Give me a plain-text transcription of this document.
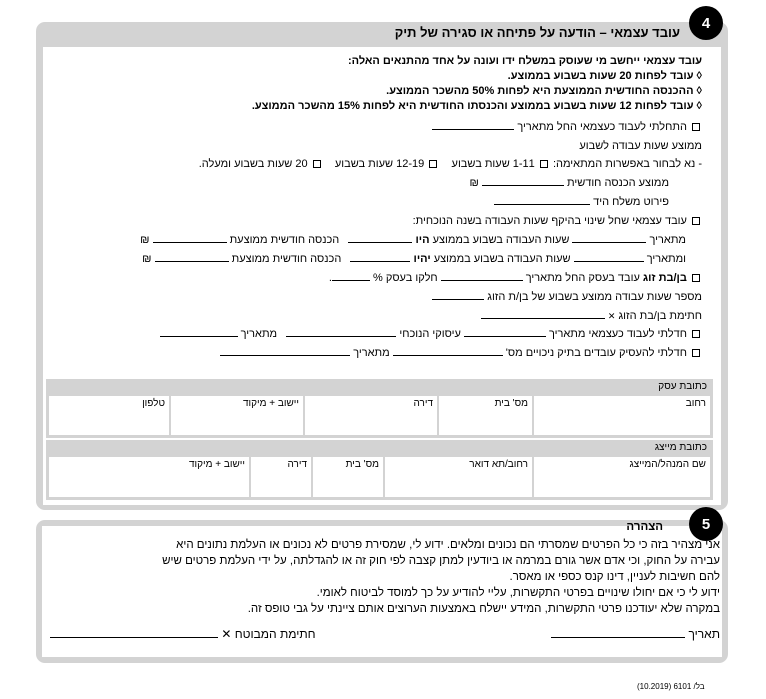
עובד עצמאי – הודעה על פתיחה או סגירה של תיק
4
עובד עצמאי ייחשב מי שעוסק במשלח ידו ועונה על אחד מהתנאים האלה:
◊ עובד לפחות 20 שעות בשבוע בממוצע.
◊ ההכנסה החודשית הממוצעת היא לפחות 50% מהשכר הממוצע.
◊ עובד לפחות 12 שעות בשבוע בממוצע והכנסתו החודשית היא לפחות 15% מהשכר הממוצע.
התחלתי לעבוד כעצמאי החל מתאריך
ממוצע שעות עבודה לשבוע
- נא לבחור באפשרות המתאימה:  1-11 שעות בשבוע     12-19 שעות בשבוע     20 שעות בשבוע ומעלה.
ממוצע הכנסה חודשית  ₪
פירוט משלח היד
עובד עצמאי שחל שינוי בהיקף שעות העבודה בשנה הנוכחית:
מתאריך  שעות העבודה בשבוע בממוצע היו    הכנסה חודשית ממוצעת  ₪
ומתאריך  שעות העבודה בשבוע בממוצע יהיו    הכנסה חודשית ממוצעת  ₪
בן/בת זוג עובד בעסק החל מתאריך  חלקו בעסק % .
מספר שעות עבודה ממוצע בשבוע של בן/ת הזוג
חתימת בן/בת הזוג ✕
חדלתי לעבוד כעצמאי מתאריך  עיסוקי הנוכחי    מתאריך
חדלתי להעסיק עובדים בתיק ניכויים מס'  מתאריך
כתובת עסק
רחוב
מס' בית
דירה
יישוב + מיקוד
טלפון
כתובת מייצג
שם המנהל/המייצג
רחוב/תא דואר
מס' בית
דירה
יישוב + מיקוד
5
הצהרה
אני מצהיר בזה כי כל הפרטים שמסרתי הם נכונים ומלאים. ידוע לי, שמסירת פרטים לא נכונים או העלמת נתונים היא
עבירה על החוק, וכי אדם אשר גורם במרמה או ביודעין למתן קצבה לפי חוק זה או להגדלתה, על ידי העלמת פרטים שיש
להם חשיבות לעניין, דינו קנס כספי או מאסר.
ידוע לי כי אם יחולו שינויים בפרטי התקשרות, עליי להודיע על כך למוסד לביטוח לאומי.
במקרה שלא יעודכנו פרטי התקשרות, המידע יישלח באמצעות הערוצים אותם ציינתי על גבי טופס זה.
תאריך
חתימת המבוטח ✕
בל/ 6101 (10.2019)
